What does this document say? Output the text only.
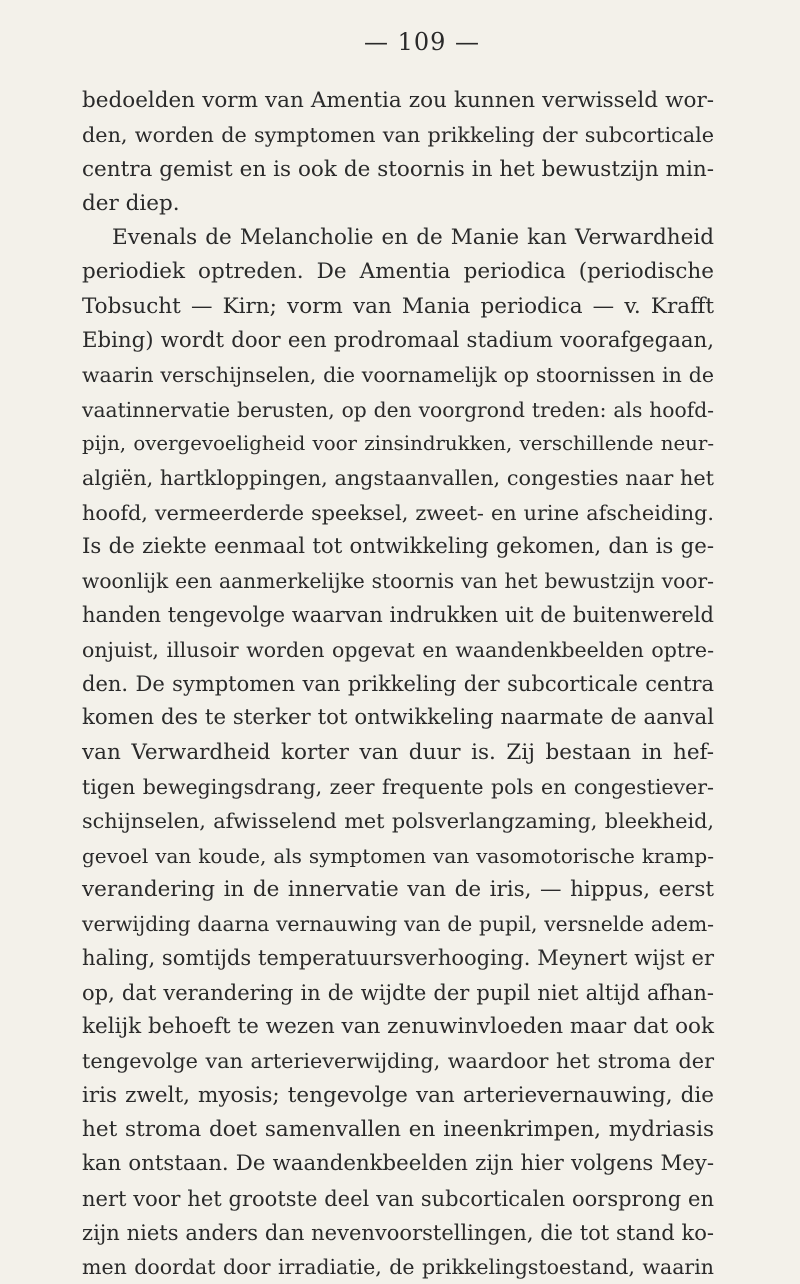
— 109 —
bedoelden vorm van Amentia zou kunnen verwisseld wor-
den, worden de symptomen van prikkeling der subcorticale
centra gemist en is ook de stoornis in het bewustzijn min-
der diep.
Evenals de Melancholie en de Manie kan Verwardheid
periodiek optreden. De Amentia periodica (periodische
Tobsucht — Kirn; vorm van Mania periodica — v. Krafft
Ebing) wordt door een prodromaal stadium voorafgegaan,
waarin verschijnselen, die voornamelijk op stoornissen in de
vaatinnervatie berusten, op den voorgrond treden: als hoofd-
pijn, overgevoeligheid voor zinsindrukken, verschillende neur-
algiën, hartkloppingen, angstaanvallen, congesties naar het
hoofd, vermeerderde speeksel, zweet- en urine afscheiding.
Is de ziekte eenmaal tot ontwikkeling gekomen, dan is ge-
woonlijk een aanmerkelijke stoornis van het bewustzijn voor-
handen tengevolge waarvan indrukken uit de buitenwereld
onjuist, illusoir worden opgevat en waandenkbeelden optre-
den. De symptomen van prikkeling der subcorticale centra
komen des te sterker tot ontwikkeling naarmate de aanval
van Verwardheid korter van duur is. Zij bestaan in hef-
tigen bewegingsdrang, zeer frequente pols en congestiever-
schijnselen, afwisselend met polsverlangzaming, bleekheid,
gevoel van koude, als symptomen van vasomotorische kramp-
verandering in de innervatie van de iris, — hippus, eerst
verwijding daarna vernauwing van de pupil, versnelde adem-
haling, somtijds temperatuursverhooging. Meynert wijst er
op, dat verandering in de wijdte der pupil niet altijd afhan-
kelijk behoeft te wezen van zenuwinvloeden maar dat ook
tengevolge van arterieverwijding, waardoor het stroma der
iris zwelt, myosis; tengevolge van arterievernauwing, die
het stroma doet samenvallen en ineenkrimpen, mydriasis
kan ontstaan. De waandenkbeelden zijn hier volgens Mey-
nert voor het grootste deel van subcorticalen oorsprong en
zijn niets anders dan nevenvoorstellingen, die tot stand ko-
men doordat door irradiatie, de prikkelingstoestand, waarin
